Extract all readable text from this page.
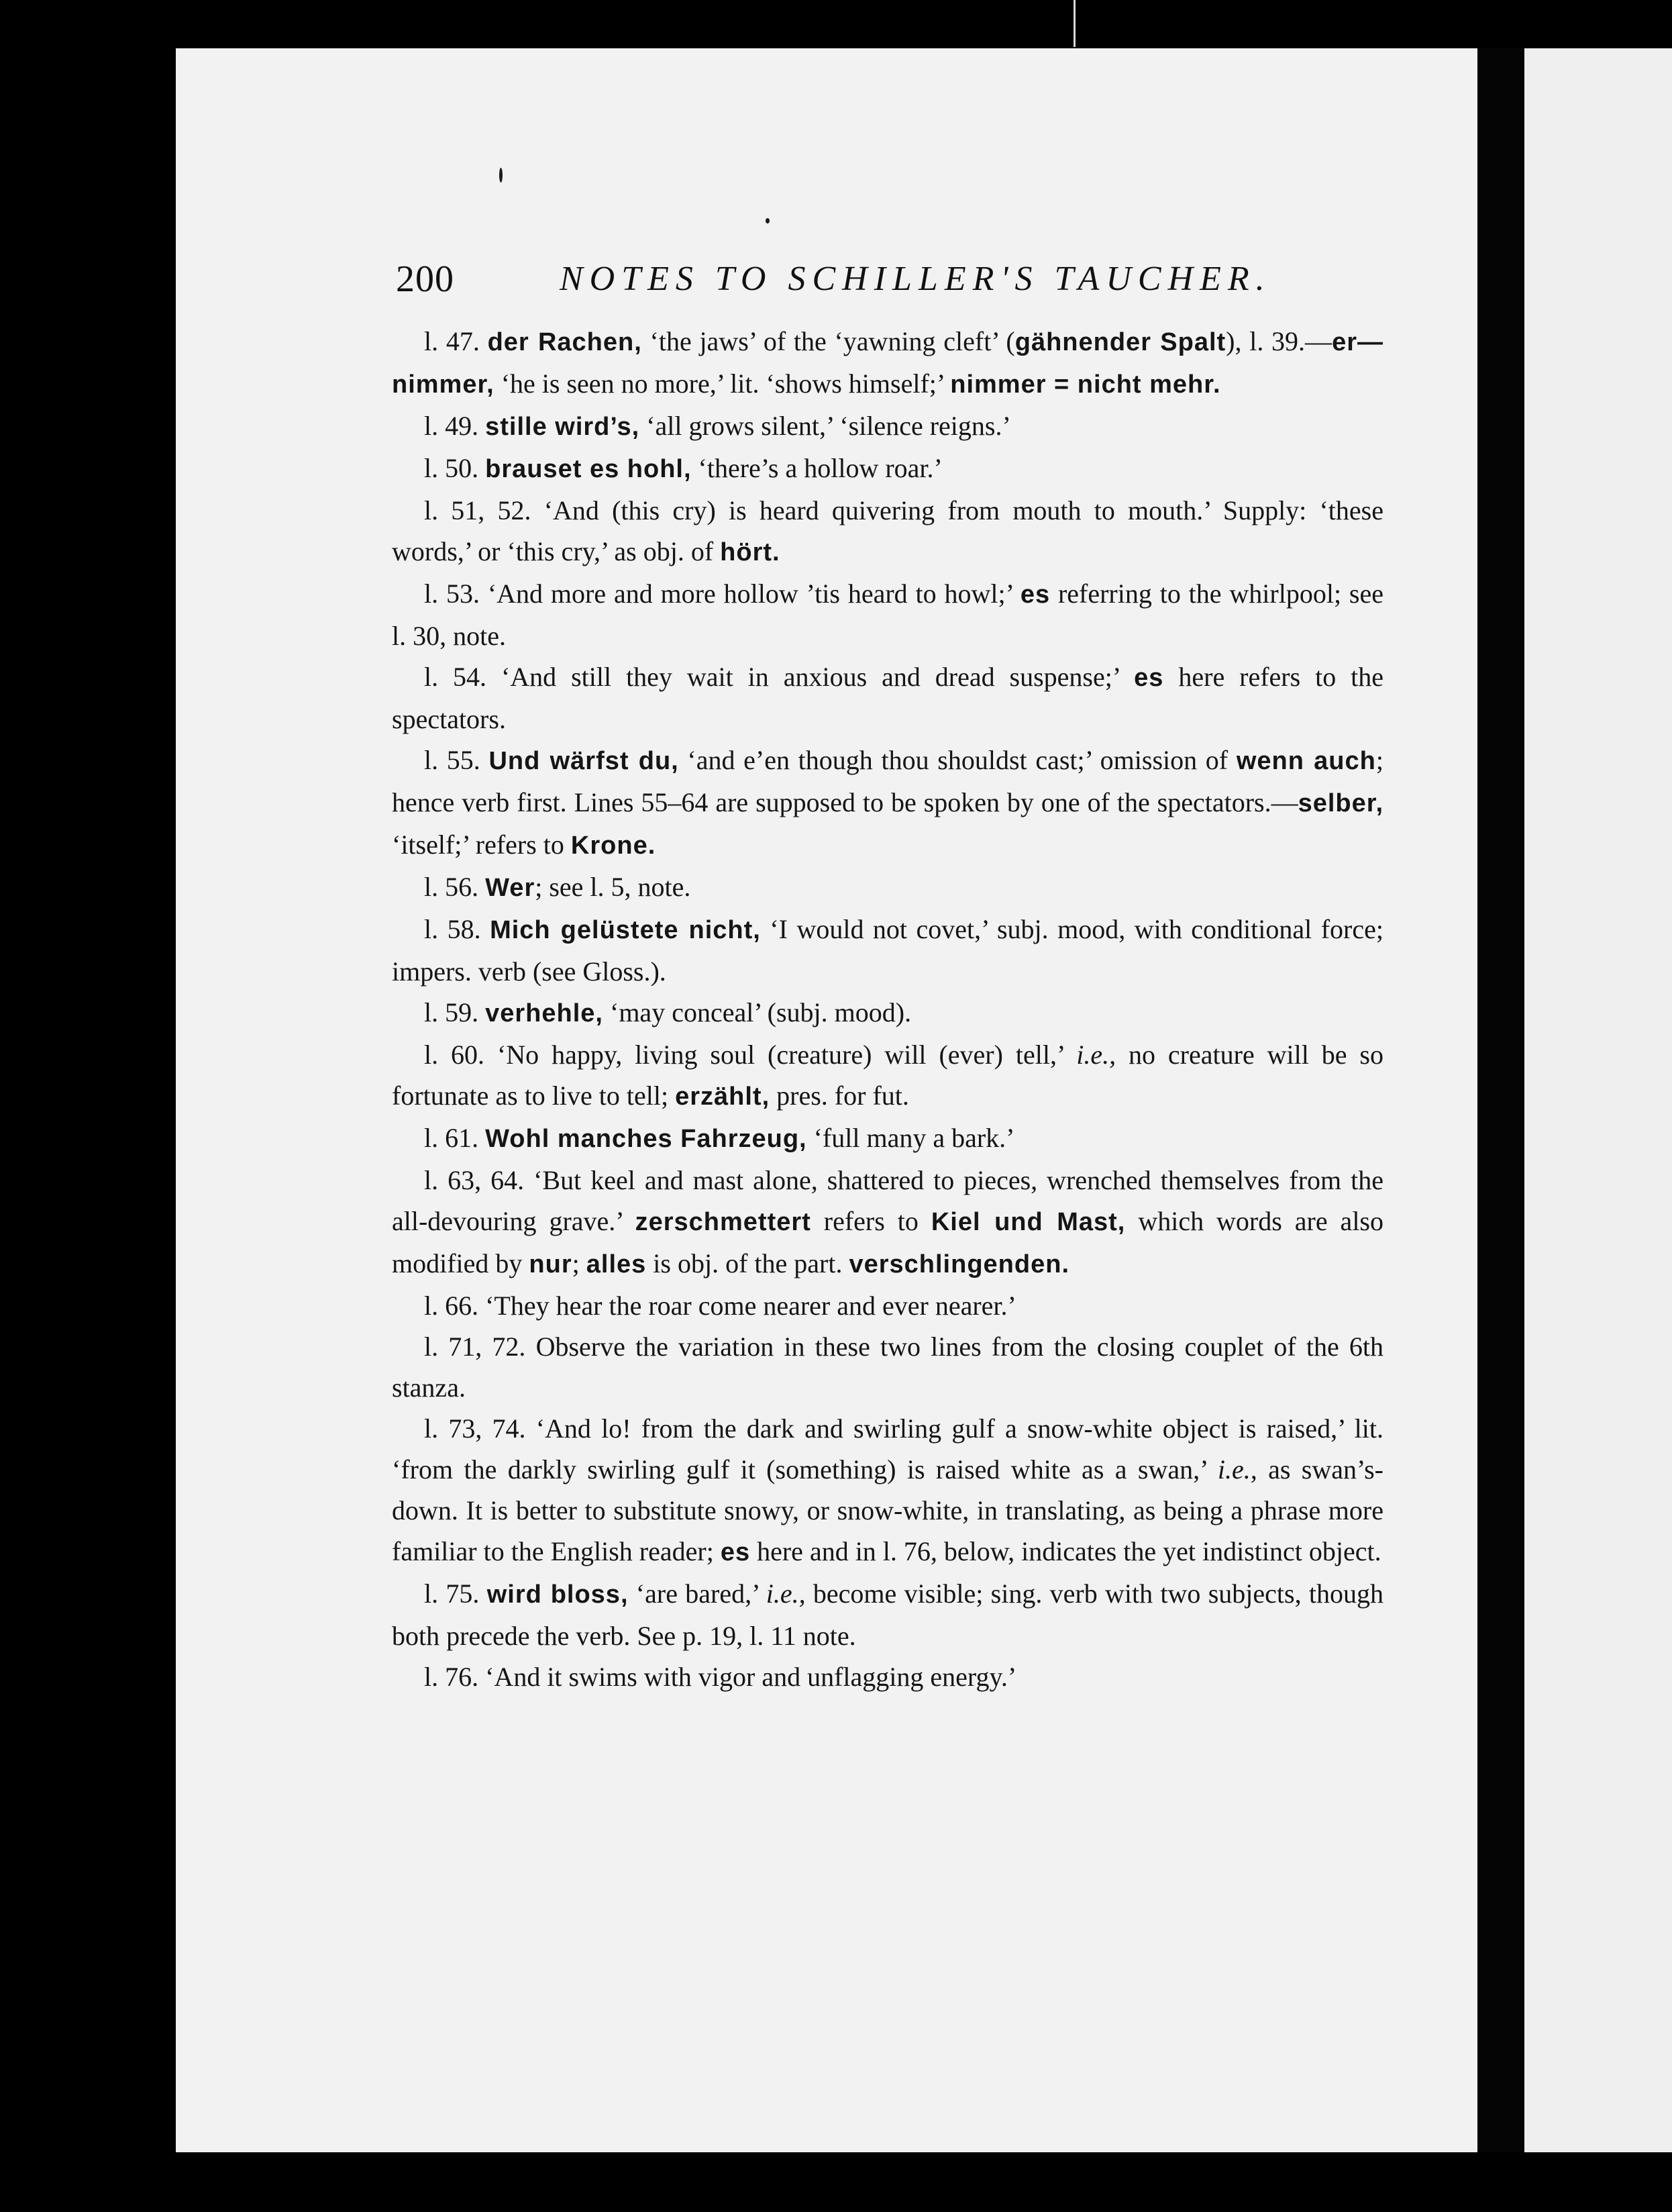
200	NOTES TO SCHILLER'S TAUCHER.

l. 47. der Rachen, ‘the jaws’ of the ‘yawning cleft’ (gähnender Spalt), l. 39.—er—nimmer, ‘he is seen no more,’ lit. ‘shows himself;’ nimmer = nicht mehr.

l. 49. stille wird’s, ‘all grows silent,’ ‘silence reigns.’

l. 50. brauset es hohl, ‘there’s a hollow roar.’

l. 51, 52. ‘And (this cry) is heard quivering from mouth to mouth.’ Supply: ‘these words,’ or ‘this cry,’ as obj. of hört.

l. 53. ‘And more and more hollow ’tis heard to howl;’ es referring to the whirlpool; see l. 30, note.

l. 54. ‘And still they wait in anxious and dread suspense;’ es here refers to the spectators.

l. 55. Und wärfst du, ‘and e’en though thou shouldst cast;’ omission of wenn auch; hence verb first. Lines 55–64 are supposed to be spoken by one of the spectators.—selber, ‘itself;’ refers to Krone.

l. 56. Wer; see l. 5, note.

l. 58. Mich gelüstete nicht, ‘I would not covet,’ subj. mood, with conditional force; impers. verb (see Gloss.).

l. 59. verhehle, ‘may conceal’ (subj. mood).

l. 60. ‘No happy, living soul (creature) will (ever) tell,’ i.e., no creature will be so fortunate as to live to tell; erzählt, pres. for fut.

l. 61. Wohl manches Fahrzeug, ‘full many a bark.’

l. 63, 64. ‘But keel and mast alone, shattered to pieces, wrenched themselves from the all-devouring grave.’ zerschmettert refers to Kiel und Mast, which words are also modified by nur; alles is obj. of the part. verschlingenden.

l. 66. ‘They hear the roar come nearer and ever nearer.’

l. 71, 72. Observe the variation in these two lines from the closing couplet of the 6th stanza.

l. 73, 74. ‘And lo! from the dark and swirling gulf a snow-white object is raised,’ lit. ‘from the darkly swirling gulf it (something) is raised white as a swan,’ i.e., as swan’s-down. It is better to substitute snowy, or snow-white, in translating, as being a phrase more familiar to the English reader; es here and in l. 76, below, indicates the yet indistinct object.

l. 75. wird bloss, ‘are bared,’ i.e., become visible; sing. verb with two subjects, though both precede the verb. See p. 19, l. 11 note.

l. 76. ‘And it swims with vigor and unflagging energy.’
